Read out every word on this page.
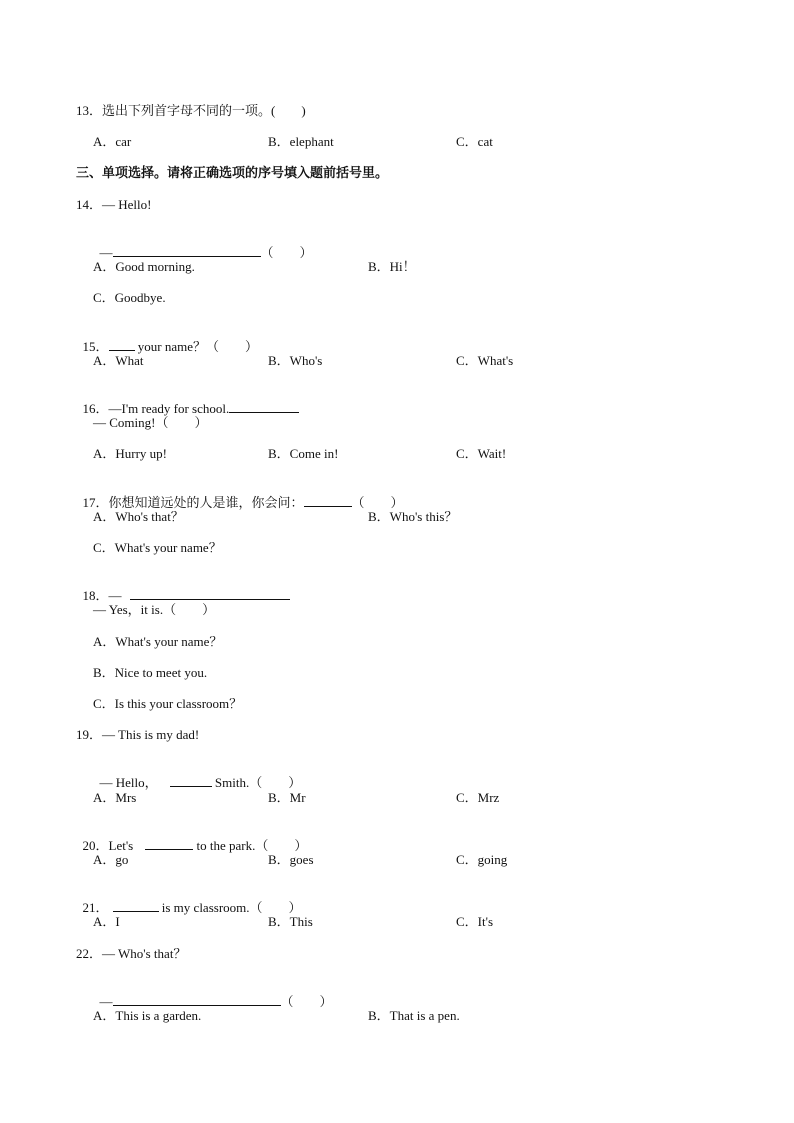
13．选出下列首字母不同的一项。(　　)
A．car	B．elephant	C．cat
三、单项选择。请将正确选项的序号填入题前括号里。
14．— Hello!

—	（　　）

A．Good morning.	B．Hi！
C．Goodbye.

15． your name？（　　）

A．What	B．Who's	C．What's

16．—I'm ready for school.

— Coming!（　　）
A．Hurry up!	B．Come in!	C．Wait!

17．你想知道远处的人是谁，你会问：	（　　）

A．Who's that？	B．Who's this？
C．What's your name？

18．—

— Yes，it is.（　　）
A．What's your name？
B．Nice to meet you.
C．Is this your classroom？
19．— This is my dad!

— Hello，	Smith.（　　）

A．Mrs	B．Mr	C．Mrz

20．Let's	to the park.（　　）

A．go	B．goes	C．going

21．	is my classroom.（　　）

A．I	B．This	C．It's
22．— Who's that？

—	（　　）

A．This is a garden.	B．That is a pen.
